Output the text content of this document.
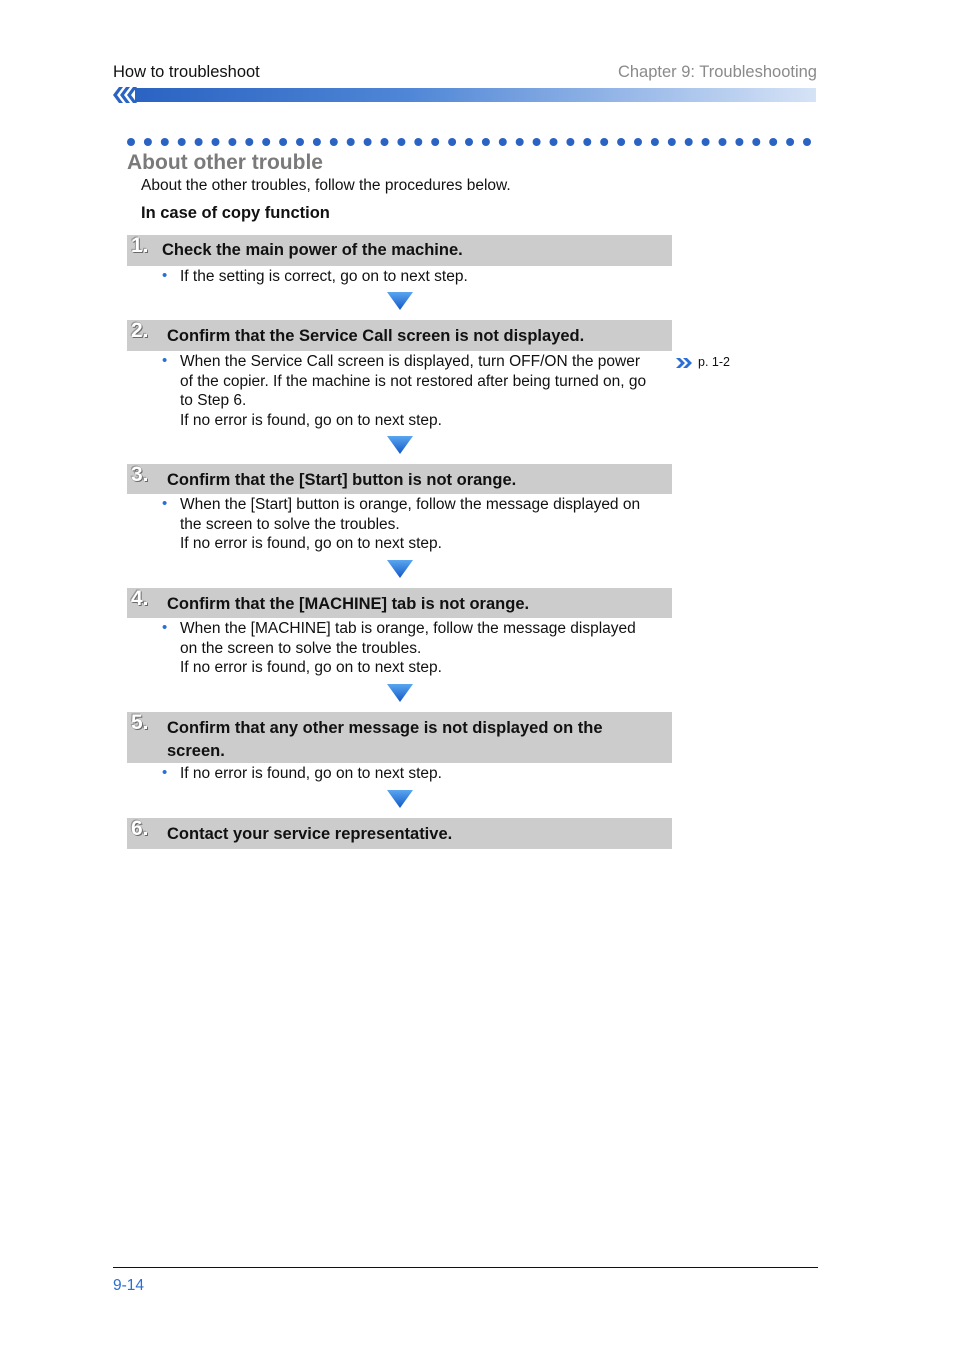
How to troubleshoot	Chapter 9: Troubleshooting
About other trouble
About the other troubles, follow the procedures below.
In case of copy function
1. Check the main power of the machine.
• If the setting is correct, go on to next step.
2. Confirm that the Service Call screen is not displayed.
• When the Service Call screen is displayed, turn OFF/ON the power
of the copier. If the machine is not restored after being turned on, go
to Step 6.
If no error is found, go on to next step.
p. 1-2
3. Confirm that the [Start] button is not orange.
• When the [Start] button is orange, follow the message displayed on
the screen to solve the troubles.
If no error is found, go on to next step.
4. Confirm that the [MACHINE] tab is not orange.
• When the [MACHINE] tab is orange, follow the message displayed
on the screen to solve the troubles.
If no error is found, go on to next step.
5. Confirm that any other message is not displayed on the
screen.
• If no error is found, go on to next step.
6. Contact your service representative.
9-14
